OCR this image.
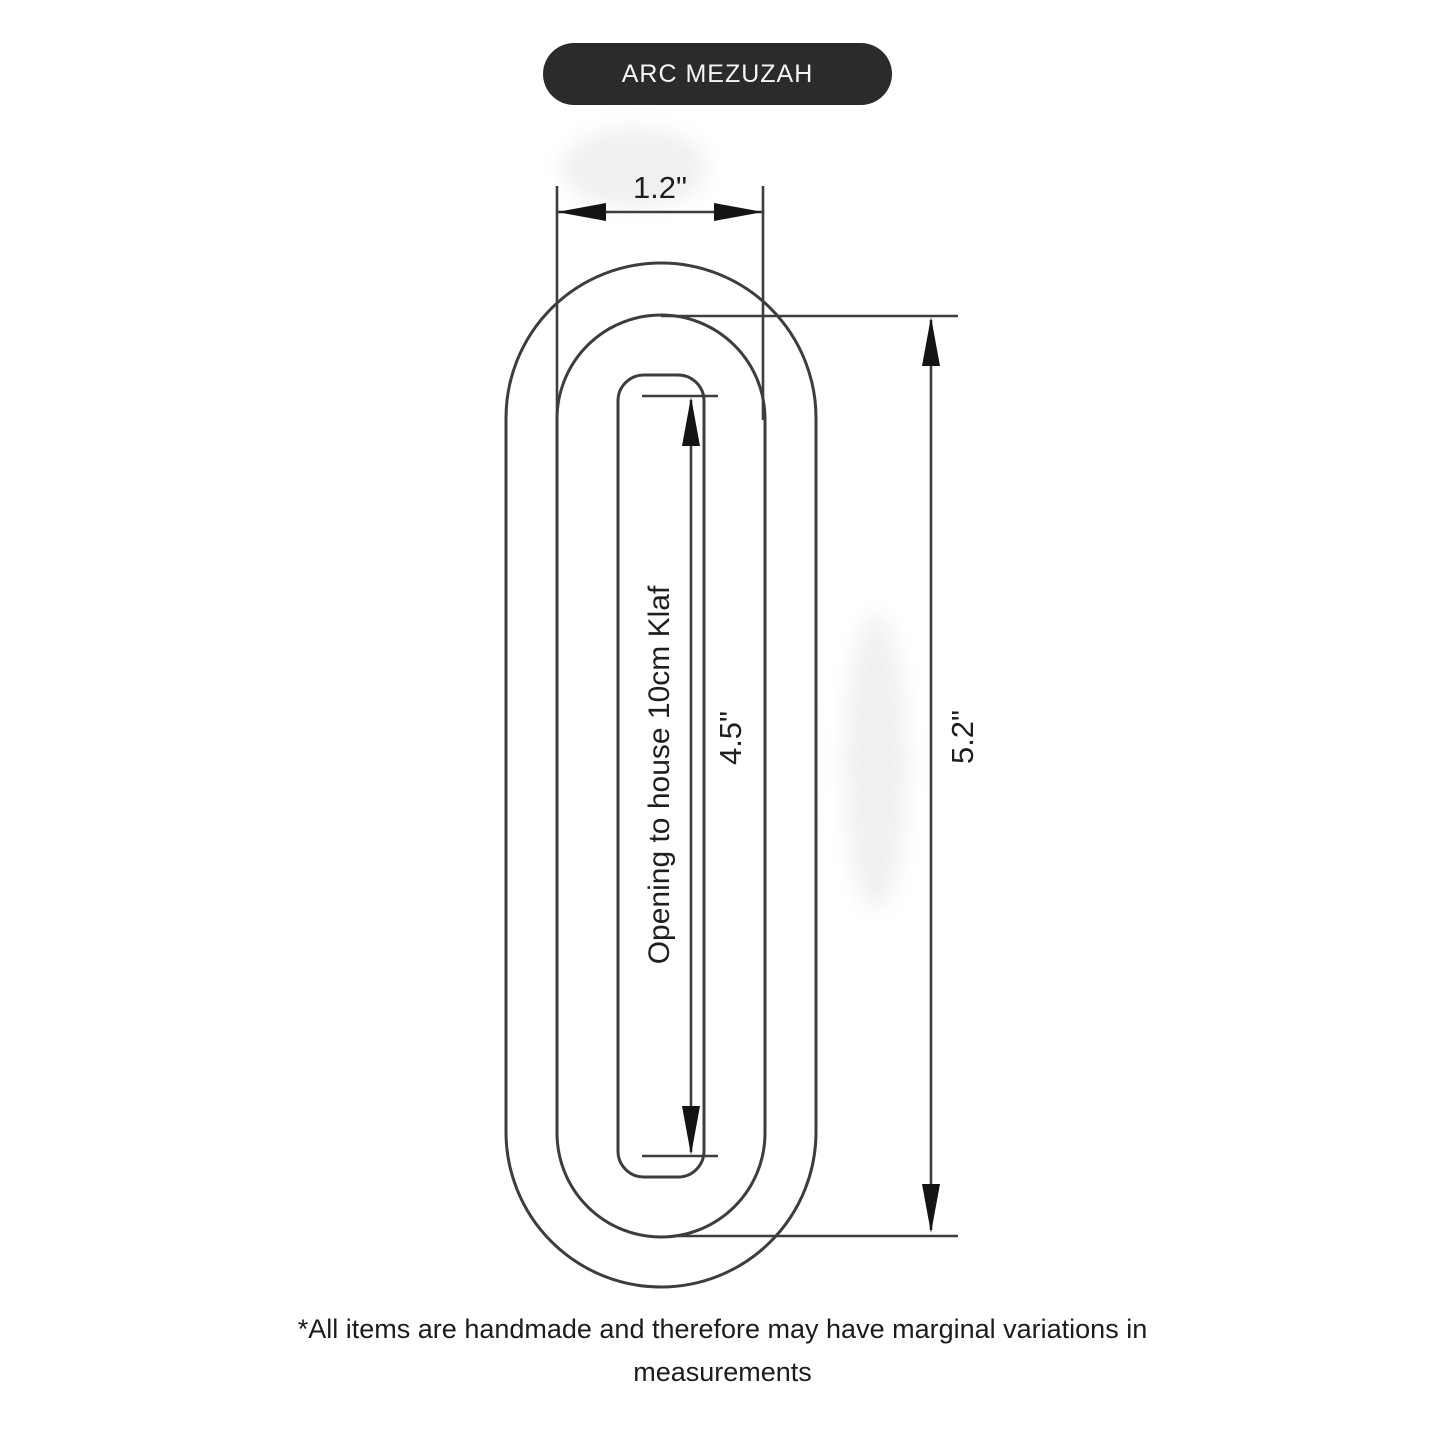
ARC MEZUZAH
1.2"
4.5"	5.2"
Opening to house 10cm Klaf
*All items are handmade and therefore may have marginal variations in
measurements
